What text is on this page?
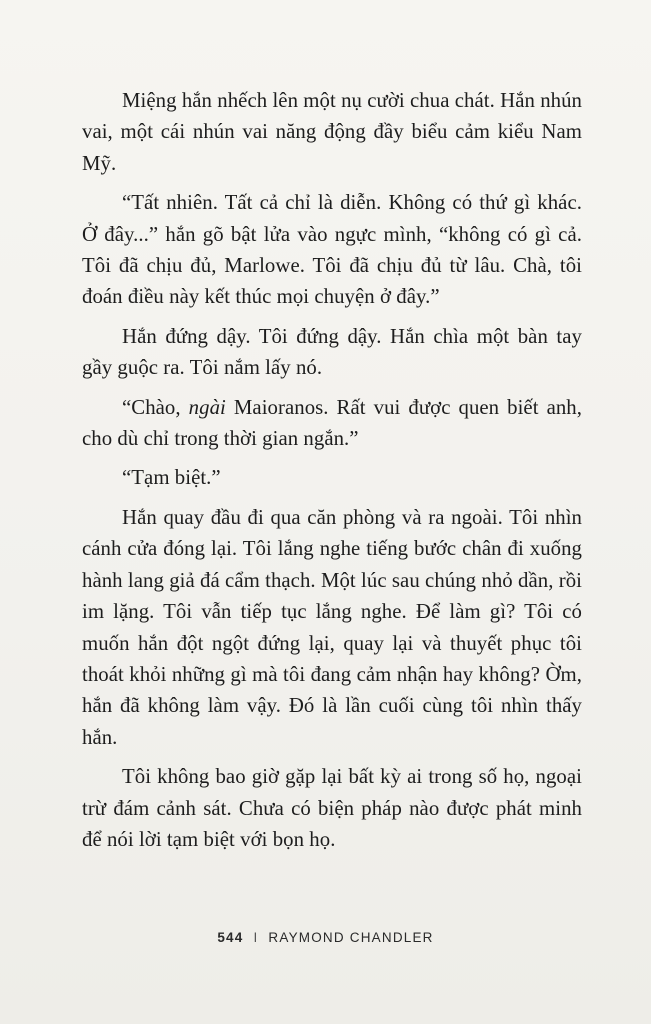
Miệng hắn nhếch lên một nụ cười chua chát. Hắn nhún vai, một cái nhún vai năng động đầy biểu cảm kiểu Nam Mỹ.

“Tất nhiên. Tất cả chỉ là diễn. Không có thứ gì khác. Ở đây...” hắn gõ bật lửa vào ngực mình, “không có gì cả. Tôi đã chịu đủ, Marlowe. Tôi đã chịu đủ từ lâu. Chà, tôi đoán điều này kết thúc mọi chuyện ở đây.”

Hắn đứng dậy. Tôi đứng dậy. Hắn chìa một bàn tay gầy guộc ra. Tôi nắm lấy nó.

“Chào, ngài Maioranos. Rất vui được quen biết anh, cho dù chỉ trong thời gian ngắn.”

“Tạm biệt.”

Hắn quay đầu đi qua căn phòng và ra ngoài. Tôi nhìn cánh cửa đóng lại. Tôi lắng nghe tiếng bước chân đi xuống hành lang giả đá cẩm thạch. Một lúc sau chúng nhỏ dần, rồi im lặng. Tôi vẫn tiếp tục lắng nghe. Để làm gì? Tôi có muốn hắn đột ngột đứng lại, quay lại và thuyết phục tôi thoát khỏi những gì mà tôi đang cảm nhận hay không? Ờm, hắn đã không làm vậy. Đó là lần cuối cùng tôi nhìn thấy hắn.

Tôi không bao giờ gặp lại bất kỳ ai trong số họ, ngoại trừ đám cảnh sát. Chưa có biện pháp nào được phát minh để nói lời tạm biệt với bọn họ.

544 I RAYMOND CHANDLER
